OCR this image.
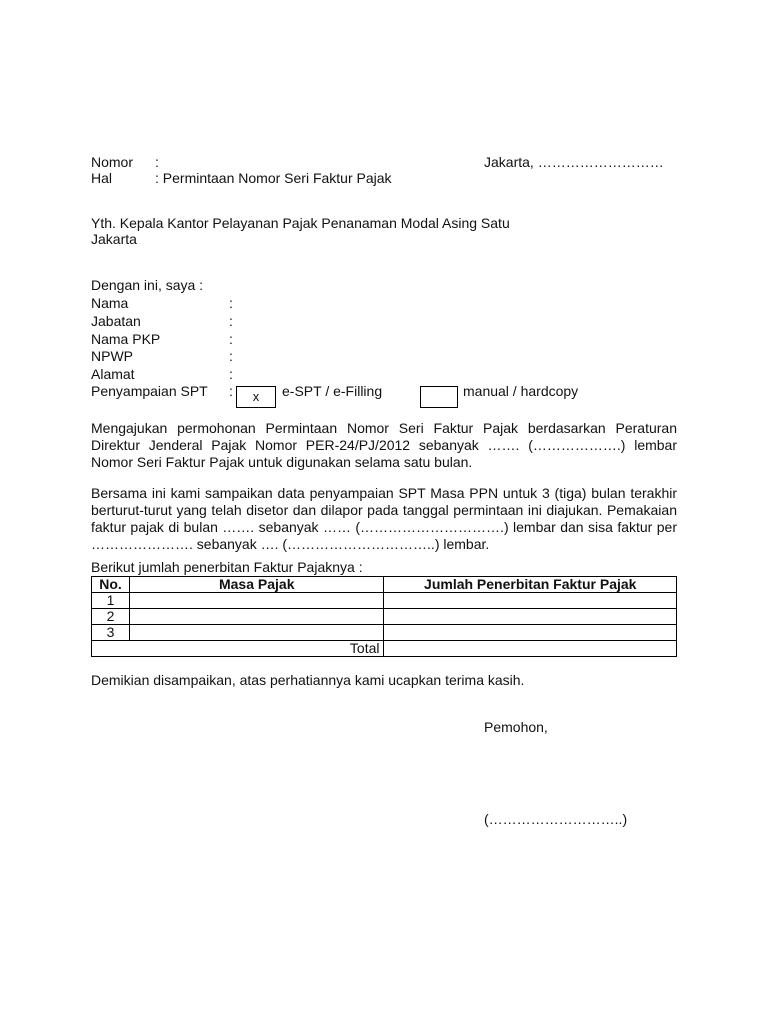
Nomor :	Jakarta, ………………………
Hal	: Permintaan Nomor Seri Faktur Pajak
Yth. Kepala Kantor Pelayanan Pajak Penanaman Modal Asing Satu
Jakarta
Dengan ini, saya :
Nama	:
Jabatan	:
Nama PKP	:
NPWP	:
Alamat	:
Penyampaian SPT :	x	e-SPT / e-Filling	manual / hardcopy
Mengajukan permohonan Permintaan Nomor Seri Faktur Pajak berdasarkan Peraturan Direktur Jenderal Pajak Nomor PER-24/PJ/2012 sebanyak ……. (……………….) lembar Nomor Seri Faktur Pajak untuk digunakan selama satu bulan.
Bersama ini kami sampaikan data penyampaian SPT Masa PPN untuk 3 (tiga) bulan terakhir berturut-turut yang telah disetor dan dilapor pada tanggal permintaan ini diajukan. Pemakaian faktur pajak di bulan ……. sebanyak …… (………………………….) lembar dan sisa faktur per …………………. sebanyak …. (…………………………..) lembar.
Berikut jumlah penerbitan Faktur Pajaknya :
No.	Masa Pajak	Jumlah Penerbitan Faktur Pajak
1		
2		
3		
Total		
Demikian disampaikan, atas perhatiannya kami ucapkan terima kasih.
Pemohon,
(………………………..)
